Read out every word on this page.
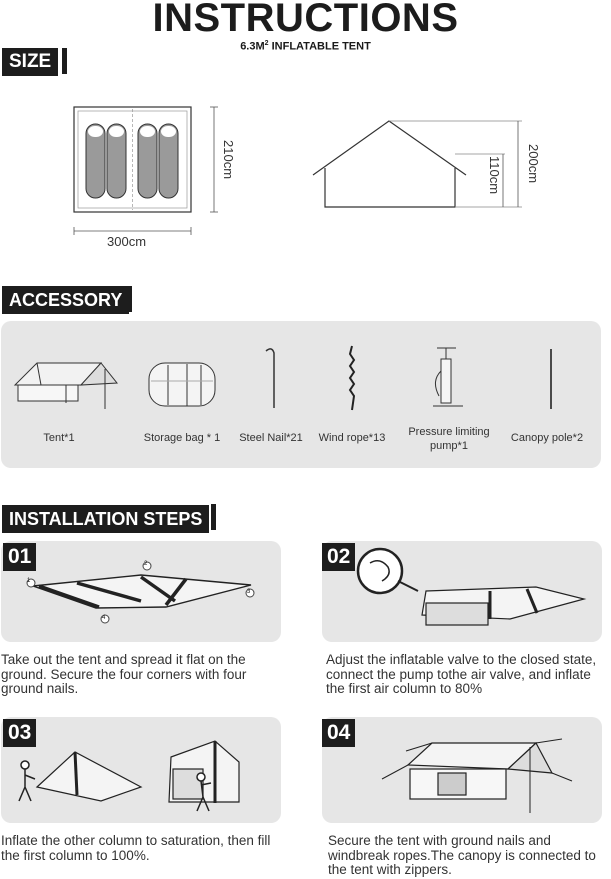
INSTRUCTIONS
$6.3M^2$ INFLATABLE TENT
SIZE
300cm
210cm	110cm 200cm
ACCESSORY
Tent*1	Storage bag * 1	Steel Nail*21	Wind rope*13	Pressure limiting pump*1
Canopy pole*2
INSTALLATION STEPS
1
2
3
4
01
Take out the tent and spread it flat on the ground. Secure the four corners with four ground nails.
02
Adjust the inflatable valve to the closed state, connect the pump tothe air valve, and inflate the first air column to 80%
03
Inflate the other column to saturation, then fill the first column to 100%.
04
Secure the tent with ground nails and windbreak ropes.The canopy is connected to the tent with zippers.
